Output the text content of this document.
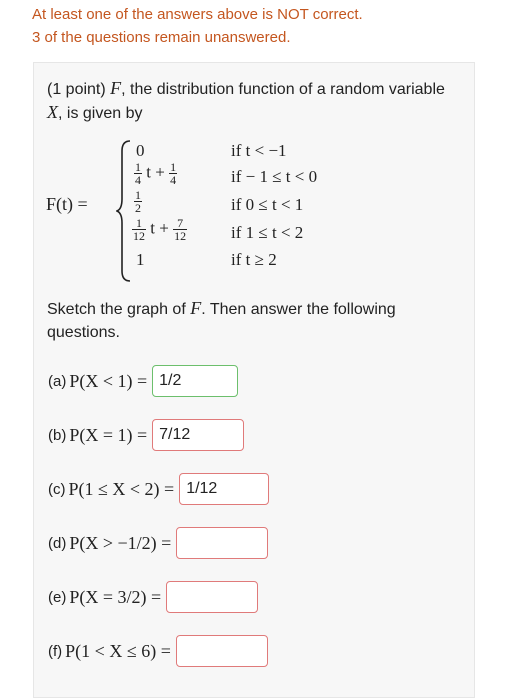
At least one of the answers above is NOT correct.
3 of the questions remain unanswered.
(1 point) F, the distribution function of a random variable X, is given by
F(t) =
0	if t < −1
$\frac{1}{4}$ $t + \frac{1}{4}$	if − 1 ≤ t < 0
$\frac{1}{2}$	if 0 ≤ t < 1
$\frac{1}{12}$ $t + \frac{7}{12}$	if 1 ≤ t < 2
1	if t ≥ 2
Sketch the graph of F. Then answer the following questions.
(a) P(X < 1) =
1/2
(b) P(X = 1) =
7/12
(c) P(1 ≤ X < 2) =
1/12
(d) P(X > −1/2) =
(e) P(X = 3/2) =
(f) P(1 < X ≤ 6) =
